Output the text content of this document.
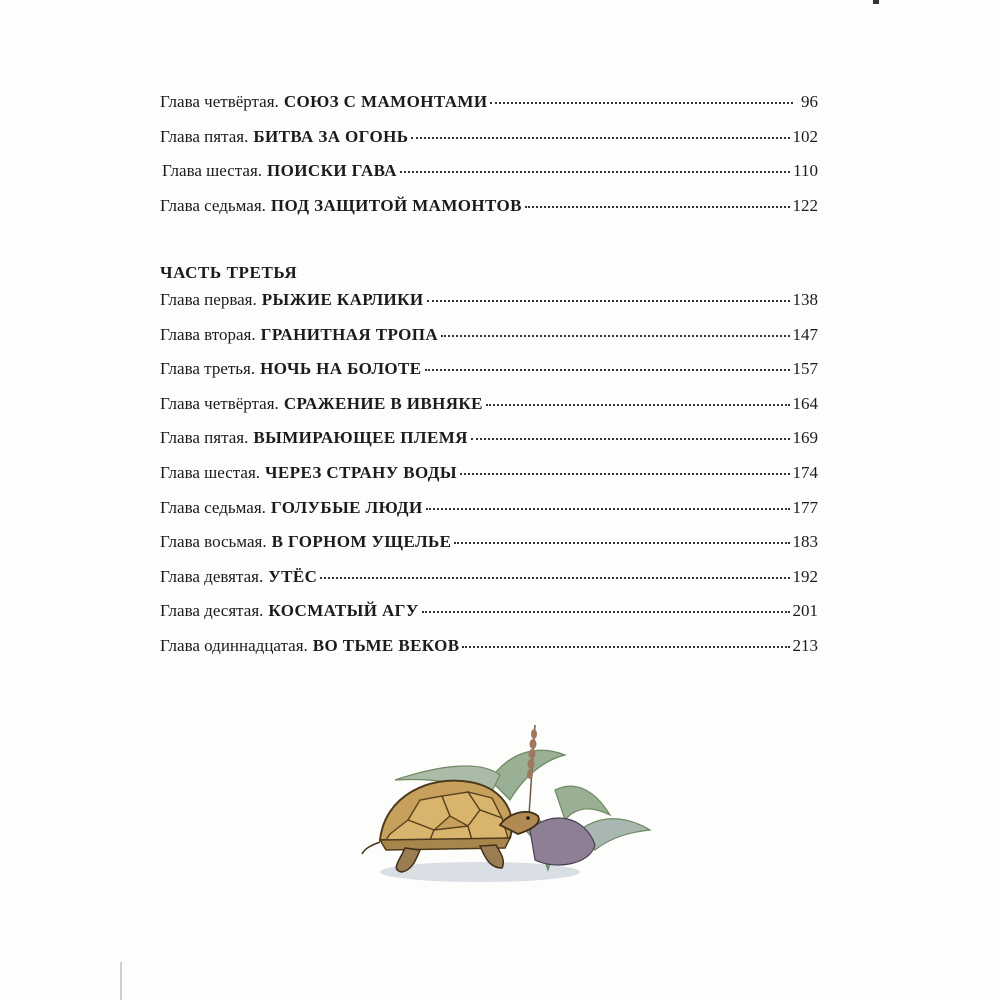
Глава четвёртая. СОЮЗ С МАМОНТАМИ	96
Глава пятая. БИТВА ЗА ОГОНЬ	102
Глава шестая. ПОИСКИ ГАВА	110
Глава седьмая. ПОД ЗАЩИТОЙ МАМОНТОВ	122
ЧАСТЬ ТРЕТЬЯ
Глава первая. РЫЖИЕ КАРЛИКИ	138
Глава вторая. ГРАНИТНАЯ ТРОПА	147
Глава третья. НОЧЬ НА БОЛОТЕ	157
Глава четвёртая. СРАЖЕНИЕ В ИВНЯКЕ	164
Глава пятая. ВЫМИРАЮЩЕЕ ПЛЕМЯ	169
Глава шестая. ЧЕРЕЗ СТРАНУ ВОДЫ	174
Глава седьмая. ГОЛУБЫЕ ЛЮДИ	177
Глава восьмая. В ГОРНОМ УЩЕЛЬЕ	183
Глава девятая. УТЁС	192
Глава десятая. КОСМАТЫЙ АГУ	201
Глава одиннадцатая. ВО ТЬМЕ ВЕКОВ	213
